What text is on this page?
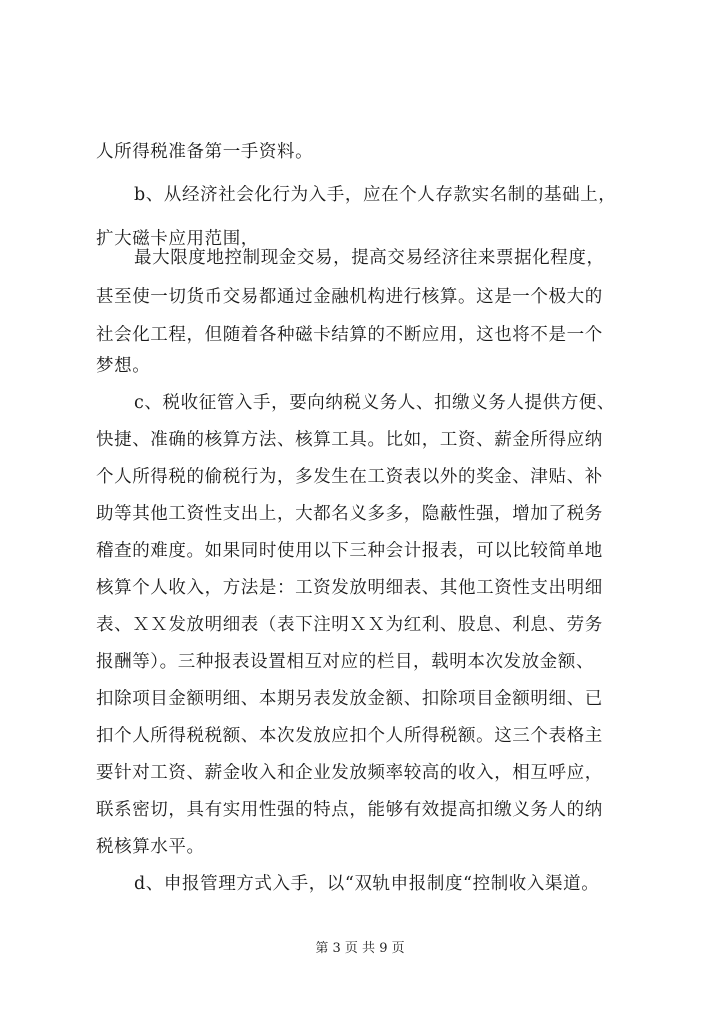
人所得税准备第一手资料。
b、从经济社会化行为入手，应在个人存款实名制的基础上，
扩大磁卡应用范围，
最大限度地控制现金交易，提高交易经济往来票据化程度，
甚至使一切货币交易都通过金融机构进行核算。这是一个极大的
社会化工程，但随着各种磁卡结算的不断应用，这也将不是一个
梦想。
c、税收征管入手，要向纳税义务人、扣缴义务人提供方便、
快捷、准确的核算方法、核算工具。比如，工资、薪金所得应纳
个人所得税的偷税行为，多发生在工资表以外的奖金、津贴、补
助等其他工资性支出上，大都名义多多，隐蔽性强，增加了税务
稽查的难度。如果同时使用以下三种会计报表，可以比较简单地
核算个人收入，方法是：工资发放明细表、其他工资性支出明细
表、ＸＸ发放明细表（表下注明ＸＸ为红利、股息、利息、劳务
报酬等）。三种报表设置相互对应的栏目，载明本次发放金额、
扣除项目金额明细、本期另表发放金额、扣除项目金额明细、已
扣个人所得税税额、本次发放应扣个人所得税额。这三个表格主
要针对工资、薪金收入和企业发放频率较高的收入，相互呼应，
联系密切，具有实用性强的特点，能够有效提高扣缴义务人的纳
税核算水平。
d、申报管理方式入手，以“双轨申报制度“控制收入渠道。
第 3 页 共 9 页
